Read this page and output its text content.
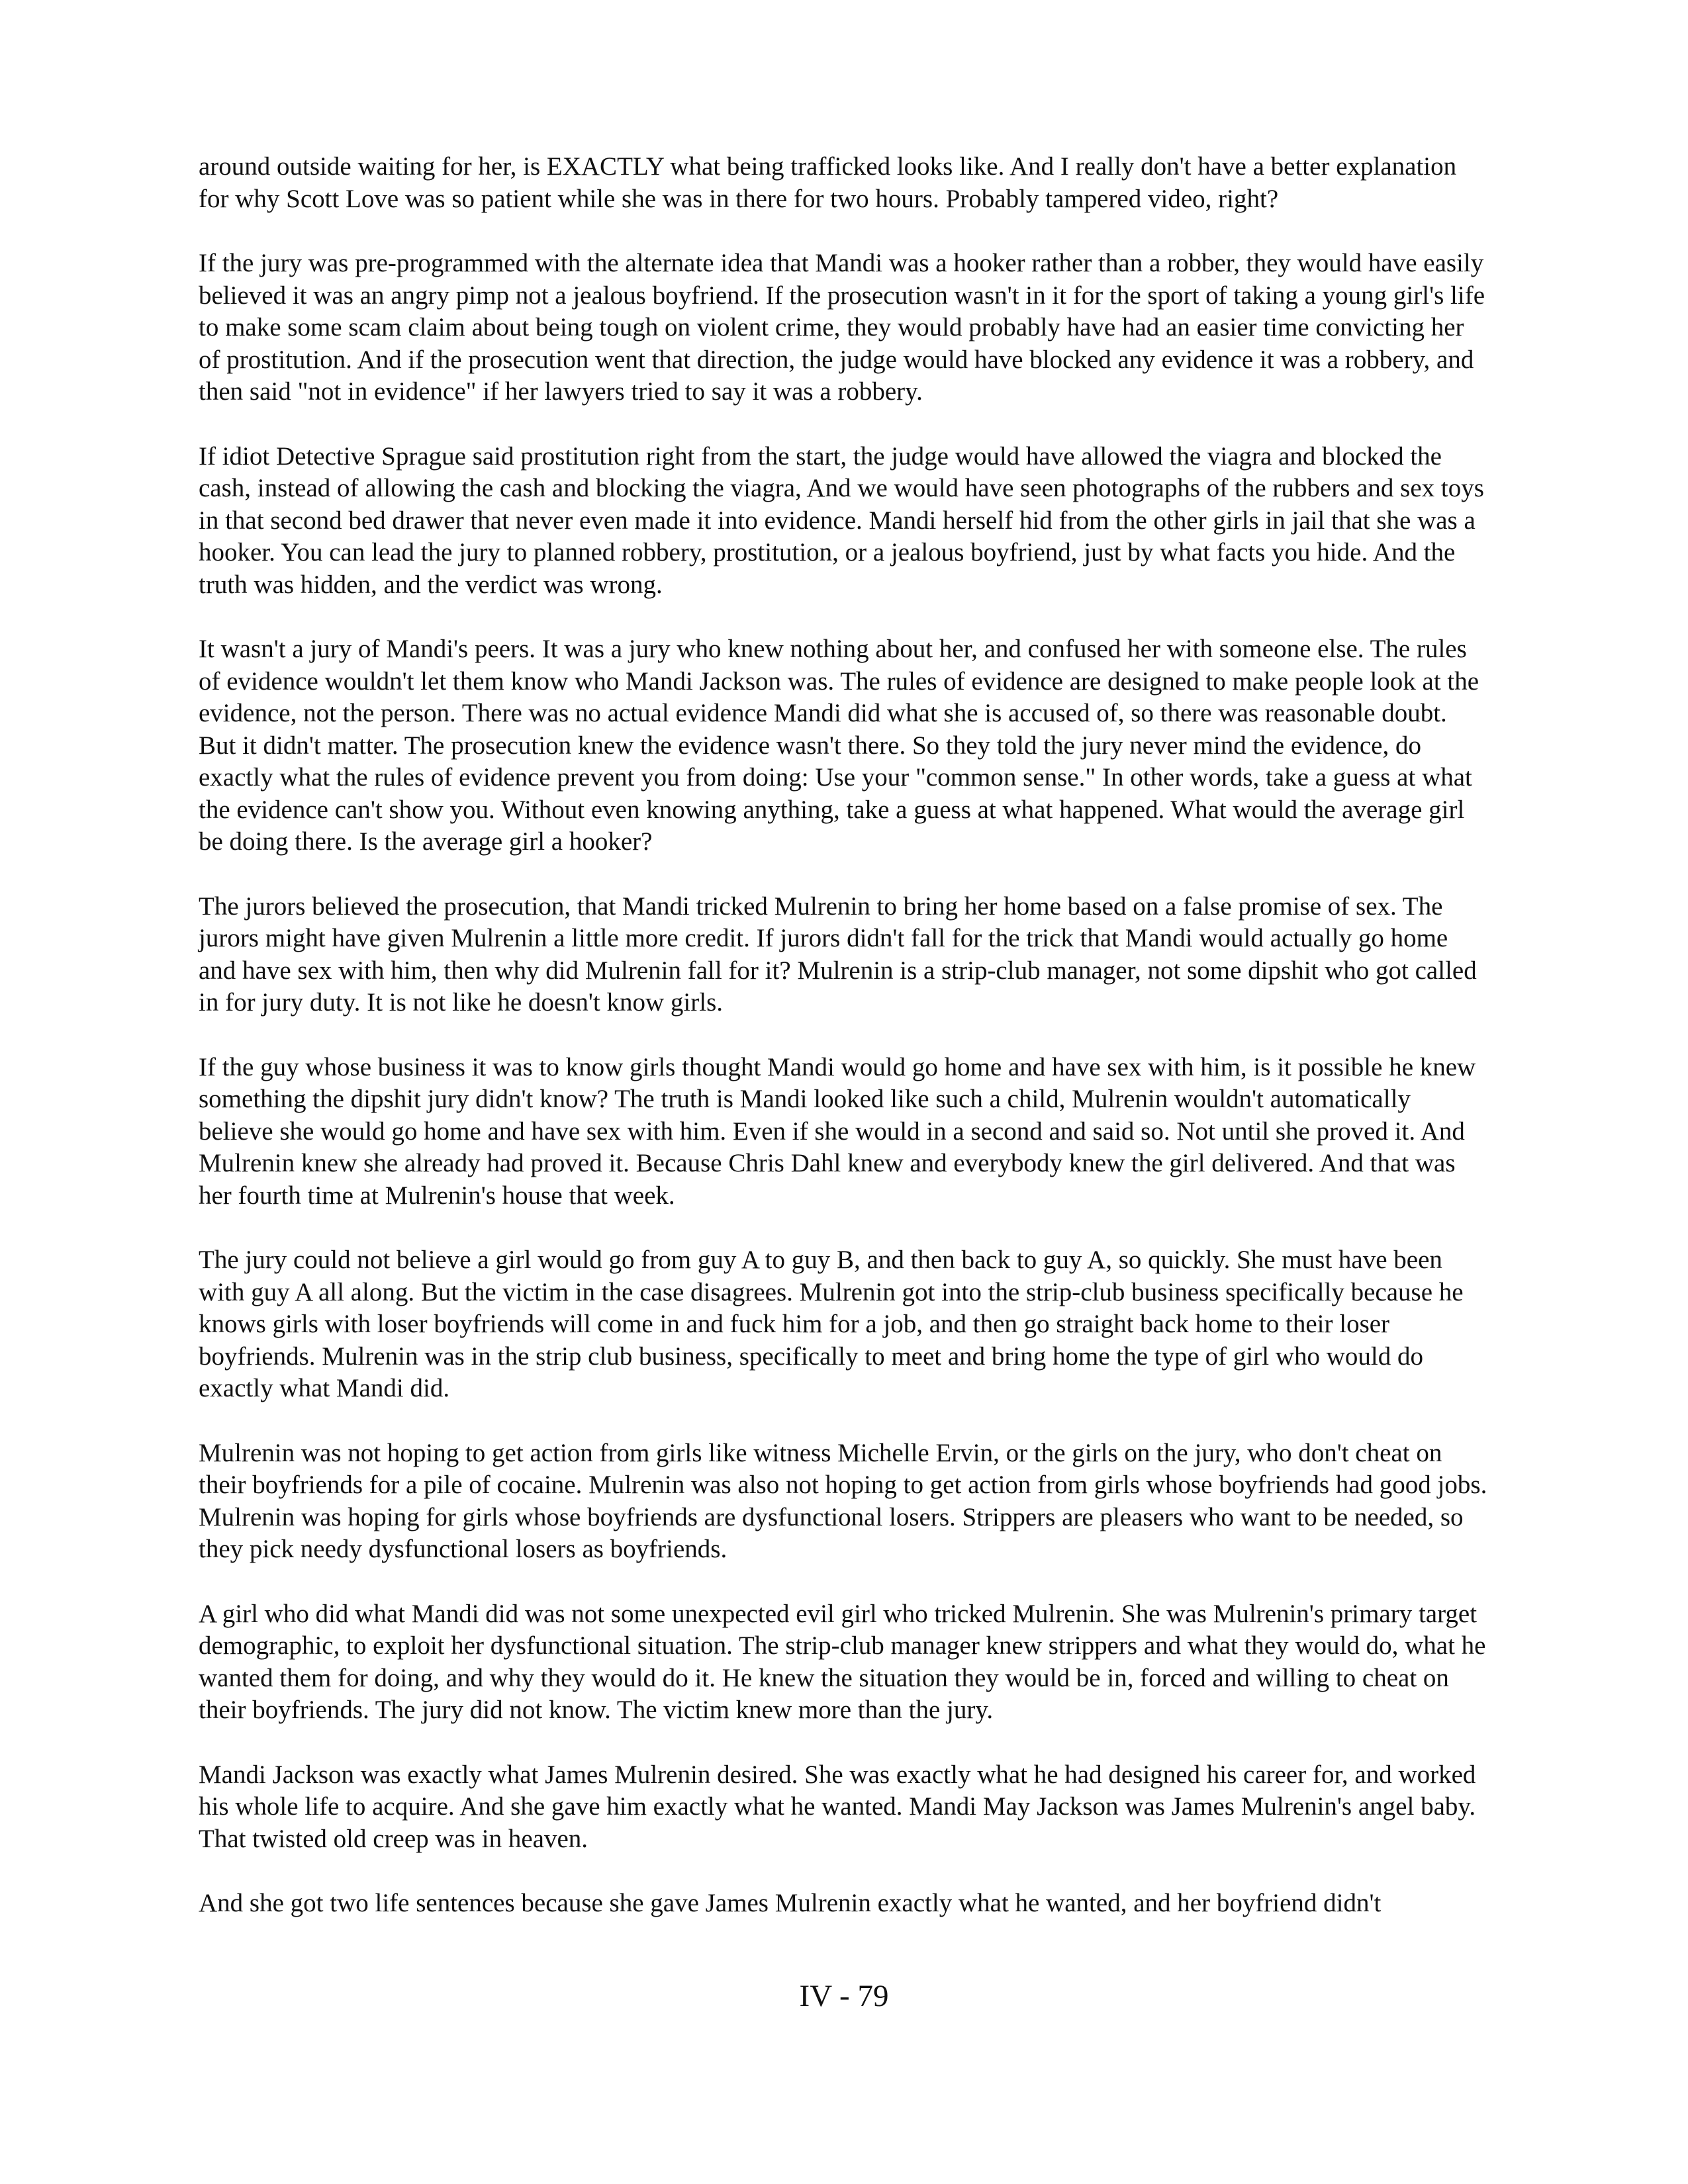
around outside waiting for her, is EXACTLY what being trafficked looks like. And I really don't have a better explanation for why Scott Love was so patient while she was in there for two hours. Probably tampered video, right?

If the jury was pre-programmed with the alternate idea that Mandi was a hooker rather than a robber, they would have easily believed it was an angry pimp not a jealous boyfriend. If the prosecution wasn't in it for the sport of taking a young girl's life to make some scam claim about being tough on violent crime, they would probably have had an easier time convicting her of prostitution. And if the prosecution went that direction, the judge would have blocked any evidence it was a robbery, and then said "not in evidence" if her lawyers tried to say it was a robbery.

If idiot Detective Sprague said prostitution right from the start, the judge would have allowed the viagra and blocked the cash, instead of allowing the cash and blocking the viagra, And we would have seen photographs of the rubbers and sex toys in that second bed drawer that never even made it into evidence. Mandi herself hid from the other girls in jail that she was a hooker. You can lead the jury to planned robbery, prostitution, or a jealous boyfriend, just by what facts you hide. And the truth was hidden, and the verdict was wrong.

It wasn't a jury of Mandi's peers. It was a jury who knew nothing about her, and confused her with someone else. The rules of evidence wouldn't let them know who Mandi Jackson was. The rules of evidence are designed to make people look at the evidence, not the person. There was no actual evidence Mandi did what she is accused of, so there was reasonable doubt. But it didn't matter. The prosecution knew the evidence wasn't there. So they told the jury never mind the evidence, do exactly what the rules of evidence prevent you from doing: Use your "common sense." In other words, take a guess at what the evidence can't show you. Without even knowing anything, take a guess at what happened. What would the average girl be doing there. Is the average girl a hooker?

The jurors believed the prosecution, that Mandi tricked Mulrenin to bring her home based on a false promise of sex. The jurors might have given Mulrenin a little more credit. If jurors didn't fall for the trick that Mandi would actually go home and have sex with him, then why did Mulrenin fall for it? Mulrenin is a strip-club manager, not some dipshit who got called in for jury duty. It is not like he doesn't know girls.

If the guy whose business it was to know girls thought Mandi would go home and have sex with him, is it possible he knew something the dipshit jury didn't know? The truth is Mandi looked like such a child, Mulrenin wouldn't automatically believe she would go home and have sex with him. Even if she would in a second and said so. Not until she proved it. And Mulrenin knew she already had proved it. Because Chris Dahl knew and everybody knew the girl delivered. And that was her fourth time at Mulrenin's house that week.

The jury could not believe a girl would go from guy A to guy B, and then back to guy A, so quickly. She must have been with guy A all along. But the victim in the case disagrees. Mulrenin got into the strip-club business specifically because he knows girls with loser boyfriends will come in and fuck him for a job, and then go straight back home to their loser boyfriends. Mulrenin was in the strip club business, specifically to meet and bring home the type of girl who would do exactly what Mandi did.

Mulrenin was not hoping to get action from girls like witness Michelle Ervin, or the girls on the jury, who don't cheat on their boyfriends for a pile of cocaine. Mulrenin was also not hoping to get action from girls whose boyfriends had good jobs. Mulrenin was hoping for girls whose boyfriends are dysfunctional losers. Strippers are pleasers who want to be needed, so they pick needy dysfunctional losers as boyfriends.

A girl who did what Mandi did was not some unexpected evil girl who tricked Mulrenin. She was Mulrenin's primary target demographic, to exploit her dysfunctional situation. The strip-club manager knew strippers and what they would do, what he wanted them for doing, and why they would do it. He knew the situation they would be in, forced and willing to cheat on their boyfriends. The jury did not know. The victim knew more than the jury.

Mandi Jackson was exactly what James Mulrenin desired. She was exactly what he had designed his career for, and worked his whole life to acquire. And she gave him exactly what he wanted. Mandi May Jackson was James Mulrenin's angel baby. That twisted old creep was in heaven.

And she got two life sentences because she gave James Mulrenin exactly what he wanted, and her boyfriend didn't

IV - 79
